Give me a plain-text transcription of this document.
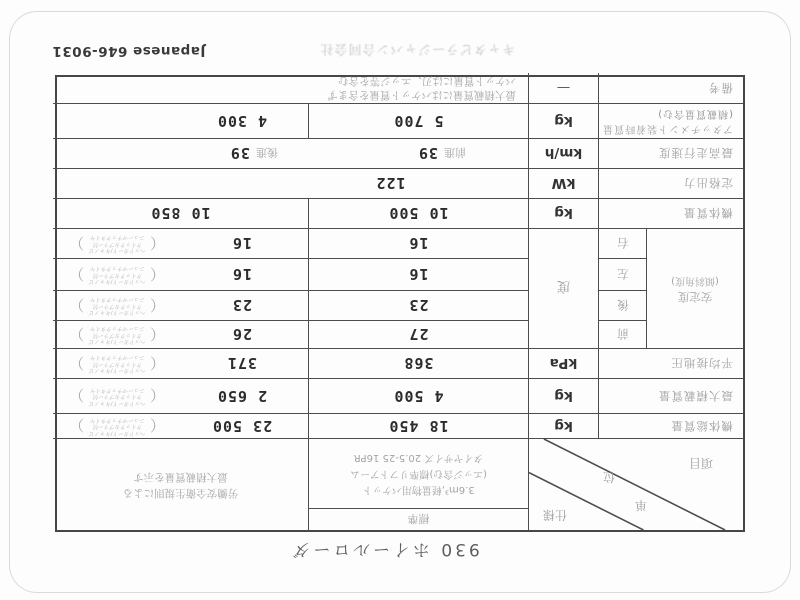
930 ホイールローダ
仕様
単
位
項目
標準
3.6m³,軽量物用バケット
(エッジ含む)標準リフトアーム
タイヤサイズ 20.5-25 16PR
労働安全衛生規則による
最大積載質量を示す
機体総質量
kg
18 450
23 500
（
ヘッドガード/キャノピ
クイックカプラー付
ニューマチックタイヤ
）
最大積載質量
kg
4 500
2 650
（
ヘッドガード/キャノピ
クイックカプラー付
ニューマチックタイヤ
）
平均接地圧
kPa
368
371
（
ヘッドガード/キャノピ
クイックカプラー付
ニューマチックタイヤ
）
安定度
(傾斜角度)
度
前
27
26
（
ヘッドガード/キャノピ
クイックカプラー付
ニューマチックタイヤ
）
後
23
23
（
ヘッドガード/キャノピ
クイックカプラー付
ニューマチックタイヤ
）
左
16
16
（
ヘッドガード/キャノピ
クイックカプラー付
ニューマチックタイヤ
）
右
16
16
（
ヘッドガード/キャノピ
クイックカプラー付
ニューマチックタイヤ
）
機体質量
kg
10 500
10 850
定格出力
kW
122
最高走行速度
km/h
前進
39
後進
39
アタッチメント装着時質量
(積載質量含む)
kg
5 700
4 300
備考
—
最大積載質量にはバケット質量を含まず
バケット質量には刃、エッジ等を含む
キャタピラージャパン合同会社
Japanese 646-9031
